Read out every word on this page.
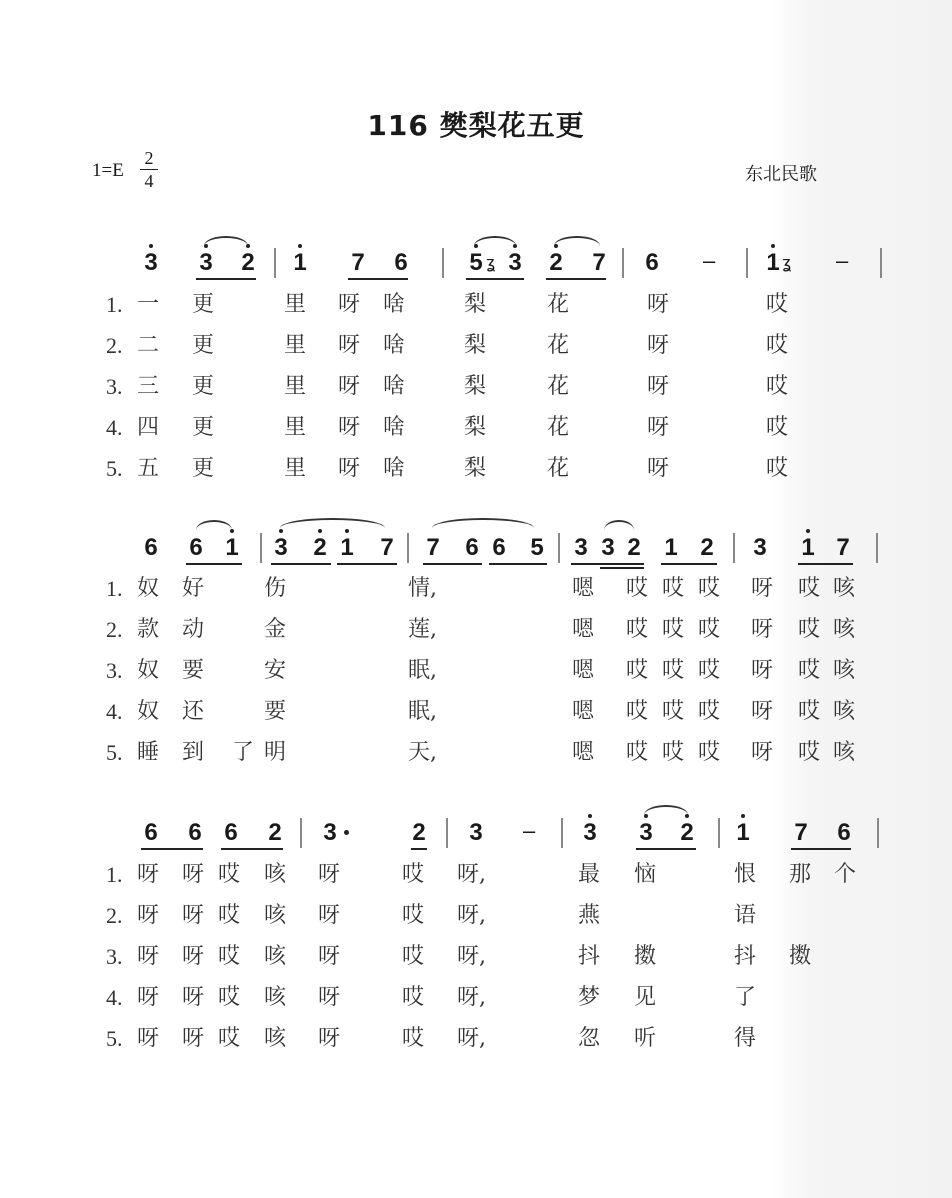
116 樊梨花五更
1=E
2
4	东北民歌
3 3 2 1 7 6	5 ʓ 3 2 7 6 – 1 ʓ –
1. 一 更	里 呀 啥	梨	花	呀	哎
2. 二 更	里 呀 啥	梨	花	呀	哎
3. 三 更	里 呀 啥	梨	花	呀	哎
4. 四 更	里 呀 啥	梨	花	呀	哎
5. 五 更	里 呀 啥	梨	花	呀	哎
6 6 1 3 2 1 7 7 6 6 5 3 3 2 1 2 3 1 7
1. 奴 好	伤	情,	嗯 哎 哎 哎 呀 哎 咳
2. 款 动	金	莲,	嗯 哎 哎 哎 呀 哎 咳
3. 奴 要	安	眠,	嗯 哎 哎 哎 呀 哎 咳
4. 奴 还	要	眠,	嗯 哎 哎 哎 呀 哎 咳
5. 睡 到 了 明	天,	嗯 哎 哎 哎 呀 哎 咳
6 6 6 2 3	2 3 – 3 3 2 1 7 6
1. 呀 呀 哎 咳 呀	哎 呀,	最 恼	恨 那 个
2. 呀 呀 哎 咳 呀	哎 呀,	燕	语
3. 呀 呀 哎 咳 呀	哎 呀,	抖 擞	抖 擞
4. 呀 呀 哎 咳 呀	哎 呀,	梦 见	了
5. 呀 呀 哎 咳 呀	哎 呀,	忽 听	得
